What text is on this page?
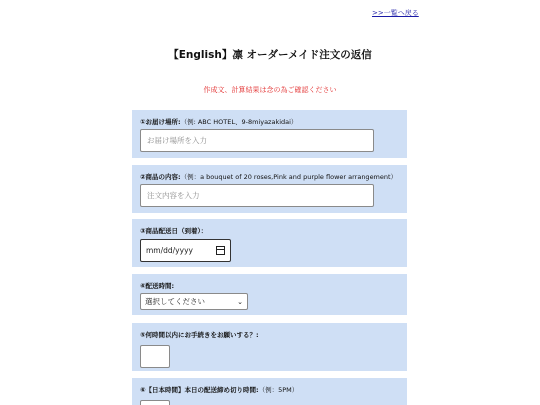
>>一覧へ戻る
【English】凛 オーダーメイド注文の返信

作成文、計算結果は念の為ご確認ください

①お届け場所:（例: ABC HOTEL、9-8miyazakidai）
お届け場所を入力
②商品の内容:（例：a bouquet of 20 roses,Pink and purple flower arrangement）
注文内容を入力
③商品配送日（到着）：
mm/dd/yyyy
④配送時間:
選択してください	⌄
⑤何時間以内にお手続きをお願いする？:
⑥【日本時間】本日の配送締め切り時間:（例：5PM）
